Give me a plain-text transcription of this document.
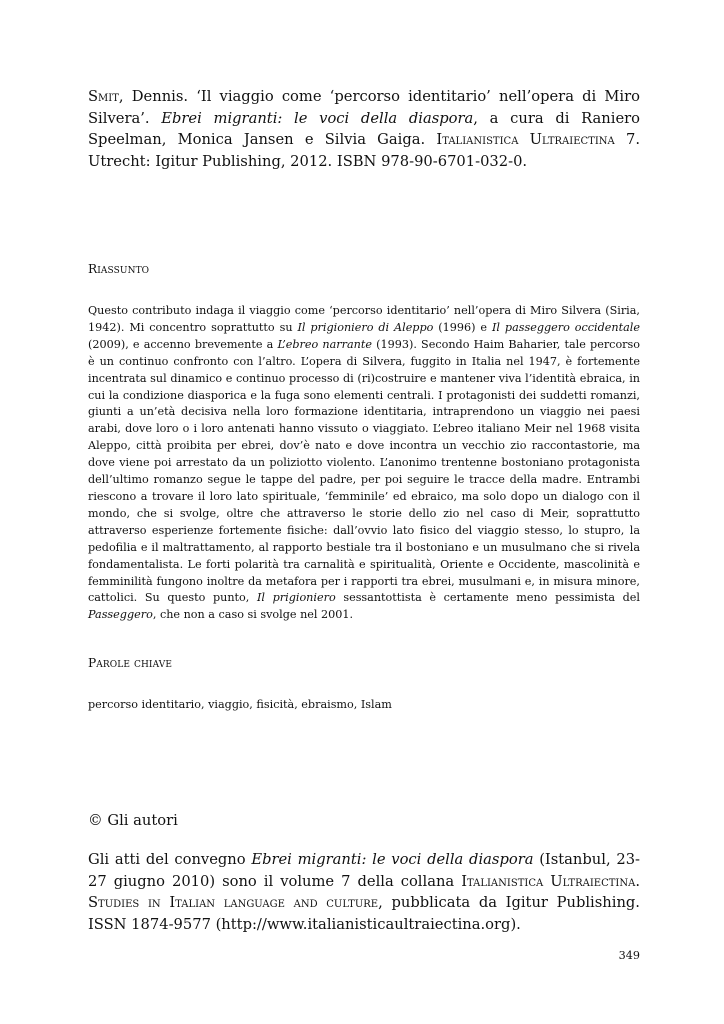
Smit, Dennis. ‘Il viaggio come ‘percorso identitario’ nell’opera di Miro Silvera’. Ebrei migranti: le voci della diaspora, a cura di Raniero Speelman, Monica Jansen e Silvia Gaiga. Italianistica Ultraiectina 7. Utrecht: Igitur Publishing, 2012. ISBN 978-90-6701-032-0.

Riassunto

Questo contributo indaga il viaggio come ‘percorso identitario’ nell’opera di Miro Silvera (Siria, 1942). Mi concentro soprattutto su Il prigioniero di Aleppo (1996) e Il passeggero occidentale (2009), e accenno brevemente a L’ebreo narrante (1993). Secondo Haim Baharier, tale percorso è un continuo confronto con l’altro. L’opera di Silvera, fuggito in Italia nel 1947, è fortemente incentrata sul dinamico e continuo processo di (ri)costruire e mantener viva l’identità ebraica, in cui la condizione diasporica e la fuga sono elementi centrali. I protagonisti dei suddetti romanzi, giunti a un’età decisiva nella loro formazione identitaria, intraprendono un viaggio nei paesi arabi, dove loro o i loro antenati hanno vissuto o viaggiato. L’ebreo italiano Meir nel 1968 visita Aleppo, città proibita per ebrei, dov’è nato e dove incontra un vecchio zio raccontastorie, ma dove viene poi arrestato da un poliziotto violento. L’anonimo trentenne bostoniano protagonista dell’ultimo romanzo segue le tappe del padre, per poi seguire le tracce della madre. Entrambi riescono a trovare il loro lato spirituale, ‘femminile’ ed ebraico, ma solo dopo un dialogo con il mondo, che si svolge, oltre che attraverso le storie dello zio nel caso di Meir, soprattutto attraverso esperienze fortemente fisiche: dall’ovvio lato fisico del viaggio stesso, lo stupro, la pedofilia e il maltrattamento, al rapporto bestiale tra il bostoniano e un musulmano che si rivela fondamentalista. Le forti polarità tra carnalità e spiritualità, Oriente e Occidente, mascolinità e femminilità fungono inoltre da metafora per i rapporti tra ebrei, musulmani e, in misura minore, cattolici. Su questo punto, Il prigioniero sessantottista è certamente meno pessimista del Passeggero, che non a caso si svolge nel 2001.

Parole chiave
percorso identitario, viaggio, fisicità, ebraismo, Islam
© Gli autori

Gli atti del convegno Ebrei migranti: le voci della diaspora (Istanbul, 23-27 giugno 2010) sono il volume 7 della collana Italianistica Ultraiectina. Studies in Italian language and culture, pubblicata da Igitur Publishing. ISSN 1874-9577 (http://www.italianisticaultraiectina.org).

349
